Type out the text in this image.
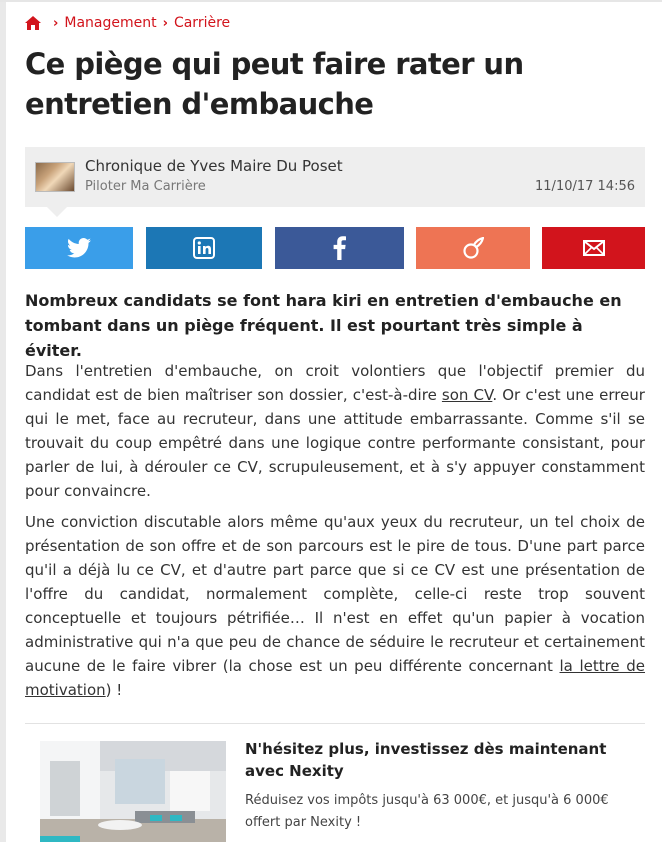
› Management › Carrière
Ce piège qui peut faire rater un entretien d'embauche
Chronique de Yves Maire Du Poset
Piloter Ma Carrière	11/10/17 14:56

Nombreux candidats se font hara kiri en entretien d'embauche en tombant dans un piège fréquent. Il est pourtant très simple à éviter.

Dans l'entretien d'embauche, on croit volontiers que l'objectif premier du candidat est de bien maîtriser son dossier, c'est-à-dire son CV. Or c'est une erreur qui le met, face au recruteur, dans une attitude embarrassante. Comme s'il se trouvait du coup empêtré dans une logique contre performante consistant, pour parler de lui, à dérouler ce CV, scrupuleusement, et à s'y appuyer constamment pour convaincre.

Une conviction discutable alors même qu'aux yeux du recruteur, un tel choix de présentation de son offre et de son parcours est le pire de tous. D'une part parce qu'il a déjà lu ce CV, et d'autre part parce que si ce CV est une présentation de l'offre du candidat, normalement complète, celle-ci reste trop souvent conceptuelle et toujours pétrifiée… Il n'est en effet qu'un papier à vocation administrative qui n'a que peu de chance de séduire le recruteur et certainement aucune de le faire vibrer (la chose est un peu différente concernant la lettre de motivation) !

N'hésitez plus, investissez dès maintenant avec Nexity
Réduisez vos impôts jusqu'à 63 000€, et jusqu'à 6 000€ offert par Nexity !
